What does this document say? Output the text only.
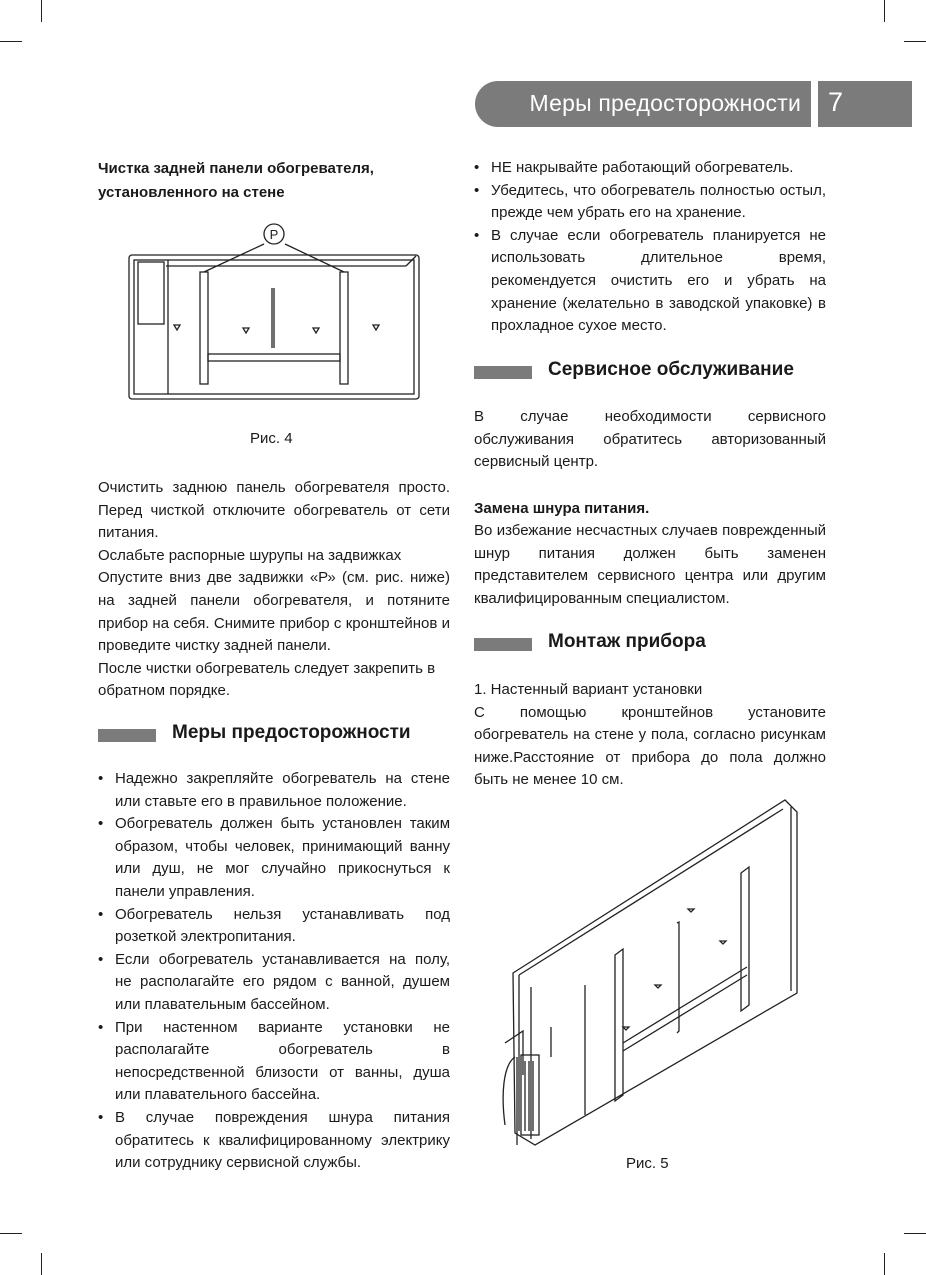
Меры предосторожности 7

Чистка задней панели обогревателя, установленного на стене

P
Рис. 4

Очистить заднюю панель обогревателя просто. Перед чисткой отключите обогреватель от сети питания.

Ослабьте распорные шурупы на задвижках

Опустите вниз две задвижки «Р» (см. рис. ниже) на задней панели обогревателя, и потяните прибор на себя. Снимите прибор с кронштейнов и проведите чистку задней панели.

После чистки обогреватель следует закрепить в обратном порядке.

Меры предосторожности
• Надежно закрепляйте обогреватель на стене или ставьте его в правильное положение.
• Обогреватель должен быть установлен таким образом, чтобы человек, принимающий ванну или душ, не мог случайно прикоснуться к панели управления.
• Обогреватель нельзя устанавливать под розеткой электропитания.
• Если обогреватель устанавливается на полу, не располагайте его рядом с ванной, душем или плавательным бассейном.
• При настенном варианте установки не располагайте обогреватель в непосредственной близости от ванны, душа или плавательного бассейна.
• В случае повреждения шнура питания обратитесь к квалифицированному электрику или сотруднику сервисной службы.
• НЕ накрывайте работающий обогреватель.
• Убедитесь, что обогреватель полностью остыл, прежде чем убрать его на хранение.
• В случае если обогреватель планируется не использовать длительное время, рекомендуется очистить его и убрать на хранение (желательно в заводской упаковке) в прохладное сухое место.
Сервисное обслуживание
В случае необходимости сервисного обслуживания обратитесь авторизованный сервисный центр.

Замена шнура питания.

Во избежание несчастных случаев поврежденный шнур питания должен быть заменен представителем сервисного центра или другим квалифицированным специалистом.
Монтаж прибора

1. Настенный вариант установки

С помощью кронштейнов установите обогреватель на стене у пола, согласно рисункам ниже.Расстояние от прибора до пола должно быть не менее 10 см.

Рис. 5
